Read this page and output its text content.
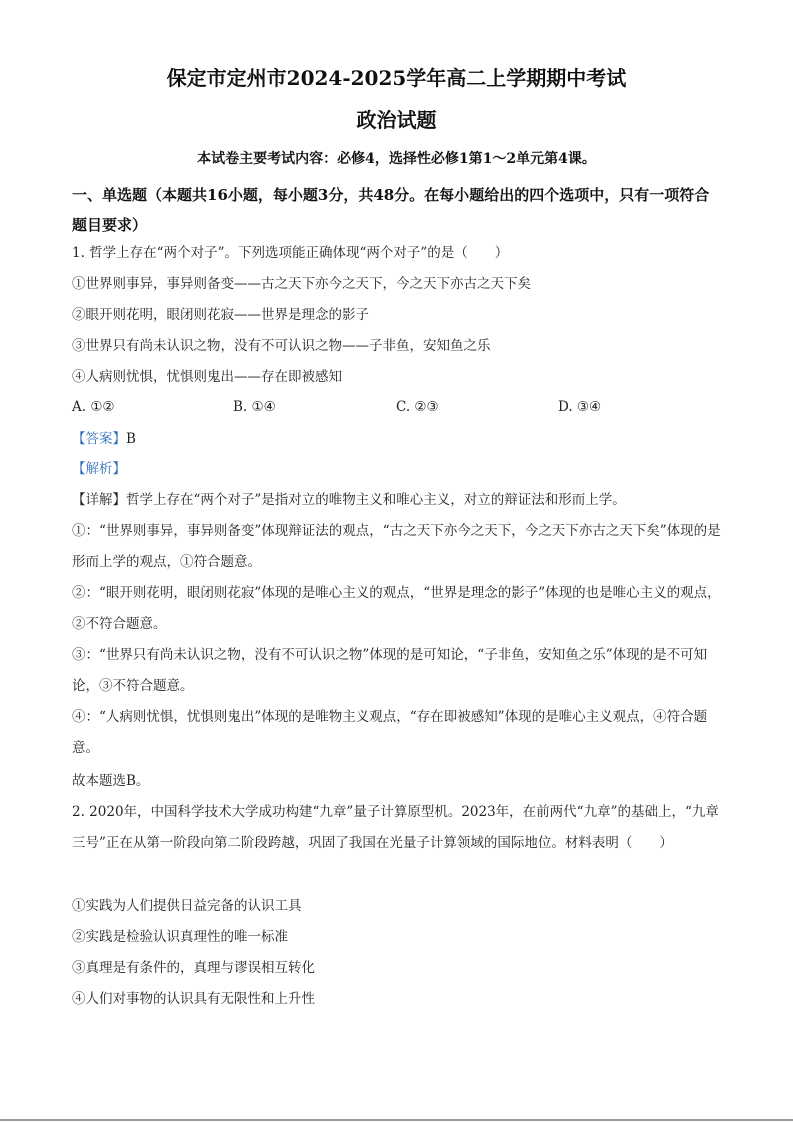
保定市定州市2024-2025学年高二上学期期中考试
政治试题
本试卷主要考试内容：必修4，选择性必修1第1～2单元第4课。
一、单选题（本题共16小题，每小题3分，共48分。在每小题给出的四个选项中，只有一项符合题目要求）
1. 哲学上存在“两个对子”。下列选项能正确体现“两个对子”的是（　　）
①世界则事异，事异则备变——古之天下亦今之天下，今之天下亦古之天下矣
②眼开则花明，眼闭则花寂——世界是理念的影子
③世界只有尚未认识之物，没有不可认识之物——子非鱼，安知鱼之乐
④人病则忧惧，忧惧则鬼出——存在即被感知
A. ①②	B. ①④	C. ②③	D. ③④
【答案】B
【解析】
【详解】哲学上存在“两个对子”是指对立的唯物主义和唯心主义，对立的辩证法和形而上学。
①：“世界则事异，事异则备变”体现辩证法的观点，“古之天下亦今之天下，今之天下亦古之天下矣”体现的是形而上学的观点，①符合题意。
②：“眼开则花明，眼闭则花寂”体现的是唯心主义的观点，“世界是理念的影子”体现的也是唯心主义的观点，②不符合题意。
③：“世界只有尚未认识之物，没有不可认识之物”体现的是可知论，“子非鱼，安知鱼之乐”体现的是不可知论，③不符合题意。
④：“人病则忧惧，忧惧则鬼出”体现的是唯物主义观点，“存在即被感知”体现的是唯心主义观点，④符合题意。
故本题选B。
2. 2020年，中国科学技术大学成功构建“九章”量子计算原型机。2023年，在前两代“九章”的基础上，“九章三号”正在从第一阶段向第二阶段跨越，巩固了我国在光量子计算领域的国际地位。材料表明（　　）
①实践为人们提供日益完备的认识工具
②实践是检验认识真理性的唯一标准
③真理是有条件的，真理与谬误相互转化
④人们对事物的认识具有无限性和上升性
